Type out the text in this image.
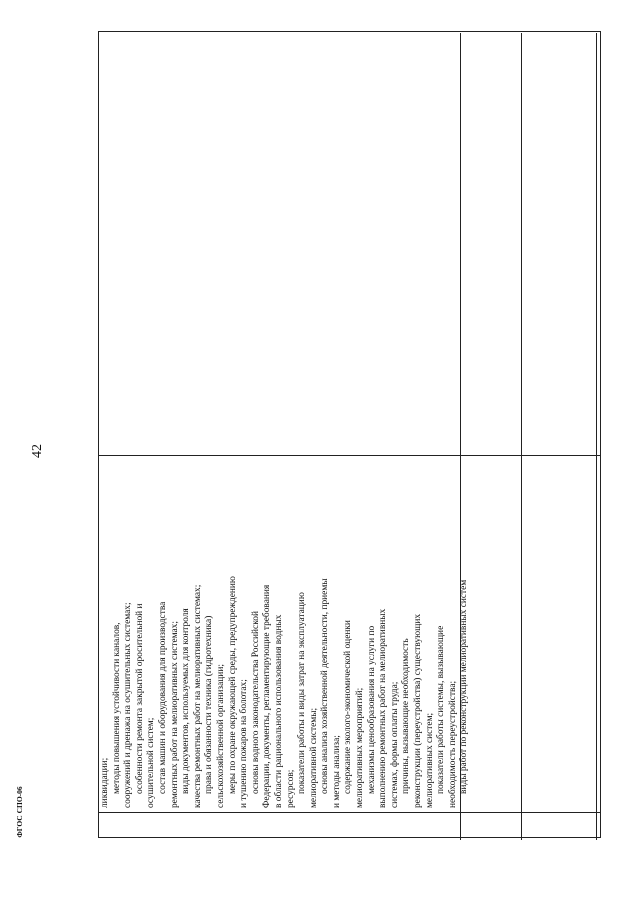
42
ликвидации; методы повышения устойчивости каналов, сооружений и дренажа на осушительных системах; особенности ремонта закрытой оросительной и осушительной систем; состав машин и оборудования для производства ремонтных работ на мелиоративных системах; виды документов, используемых для контроля качества ремонтных работ на мелиоративных системах; права и обязанности техника (гидротехника) сельскохозяйственной организации; меры по охране окружающей среды, предупреждению и тушению пожаров на болотах; основы водного законодательства Российской Федерации, документы, регламентирующие требования в области рационального использования водных ресурсов; показатели работы и виды затрат на эксплуатацию мелиоративной системы; основы анализа хозяйственной деятельности, приемы и методы анализа; содержание эколого-экономической оценки мелиоративных мероприятий; механизмы ценообразования на услуги по выполнению ремонтных работ на мелиоративных системах, формы оплаты труда; причины, вызывающие необходимость реконструкции (переустройства) существующих мелиоративных систем; показатели работы системы, вызывающие необходимость переустройства; виды работ по реконструкции мелиоративных систем
ФГОС СПО-06
